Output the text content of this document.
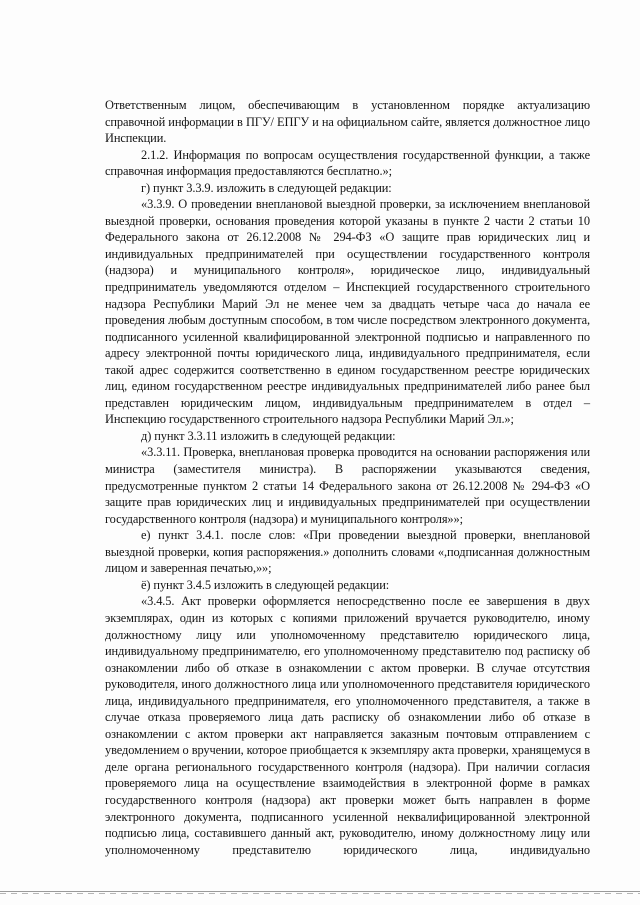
Ответственным лицом, обеспечивающим в установленном порядке актуализацию справочной информации в ПГУ/ ЕПГУ и на официальном сайте, является должностное лицо Инспекции.

2.1.2. Информация по вопросам осуществления государственной функции, а также справочная информация предоставляются бесплатно.»;

г) пункт 3.3.9. изложить в следующей редакции:

«3.3.9. О проведении внеплановой выездной проверки, за исключением внеплановой выездной проверки, основания проведения которой указаны в пункте 2 части 2 статьи 10 Федерального закона от 26.12.2008 № 294-ФЗ «О защите прав юридических лиц и индивидуальных предпринимателей при осуществлении государственного контроля (надзора) и муниципального контроля», юридическое лицо, индивидуальный предприниматель уведомляются отделом – Инспекцией государственного строительного надзора Республики Марий Эл не менее чем за двадцать четыре часа до начала ее проведения любым доступным способом, в том числе посредством электронного документа, подписанного усиленной квалифицированной электронной подписью и направленного по адресу электронной почты юридического лица, индивидуального предпринимателя, если такой адрес содержится соответственно в едином государственном реестре юридических лиц, едином государственном реестре индивидуальных предпринимателей либо ранее был представлен юридическим лицом, индивидуальным предпринимателем в отдел – Инспекцию государственного строительного надзора Республики Марий Эл.»;

д) пункт 3.3.11 изложить в следующей редакции:

«3.3.11. Проверка, внеплановая проверка проводится на основании распоряжения или министра (заместителя министра). В распоряжении указываются сведения, предусмотренные пунктом 2 статьи 14 Федерального закона от 26.12.2008 № 294-ФЗ «О защите прав юридических лиц и индивидуальных предпринимателей при осуществлении государственного контроля (надзора) и муниципального контроля»»;

е) пункт 3.4.1. после слов: «При проведении выездной проверки, внеплановой выездной проверки, копия распоряжения.» дополнить словами «,подписанная должностным лицом и заверенная печатью,»»;

ё) пункт 3.4.5 изложить в следующей редакции:

«3.4.5. Акт проверки оформляется непосредственно после ее завершения в двух экземплярах, один из которых с копиями приложений вручается руководителю, иному должностному лицу или уполномоченному представителю юридического лица, индивидуальному предпринимателю, его уполномоченному представителю под расписку об ознакомлении либо об отказе в ознакомлении с актом проверки. В случае отсутствия руководителя, иного должностного лица или уполномоченного представителя юридического лица, индивидуального предпринимателя, его уполномоченного представителя, а также в случае отказа проверяемого лица дать расписку об ознакомлении либо об отказе в ознакомлении с актом проверки акт направляется заказным почтовым отправлением с уведомлением о вручении, которое приобщается к экземпляру акта проверки, хранящемуся в деле органа регионального государственного контроля (надзора). При наличии согласия проверяемого лица на осуществление взаимодействия в электронной форме в рамках государственного контроля (надзора) акт проверки может быть направлен в форме электронного документа, подписанного усиленной неквалифицированной электронной подписью лица, составившего данный акт, руководителю, иному должностному лицу или уполномоченному представителю юридического лица, индивидуально
